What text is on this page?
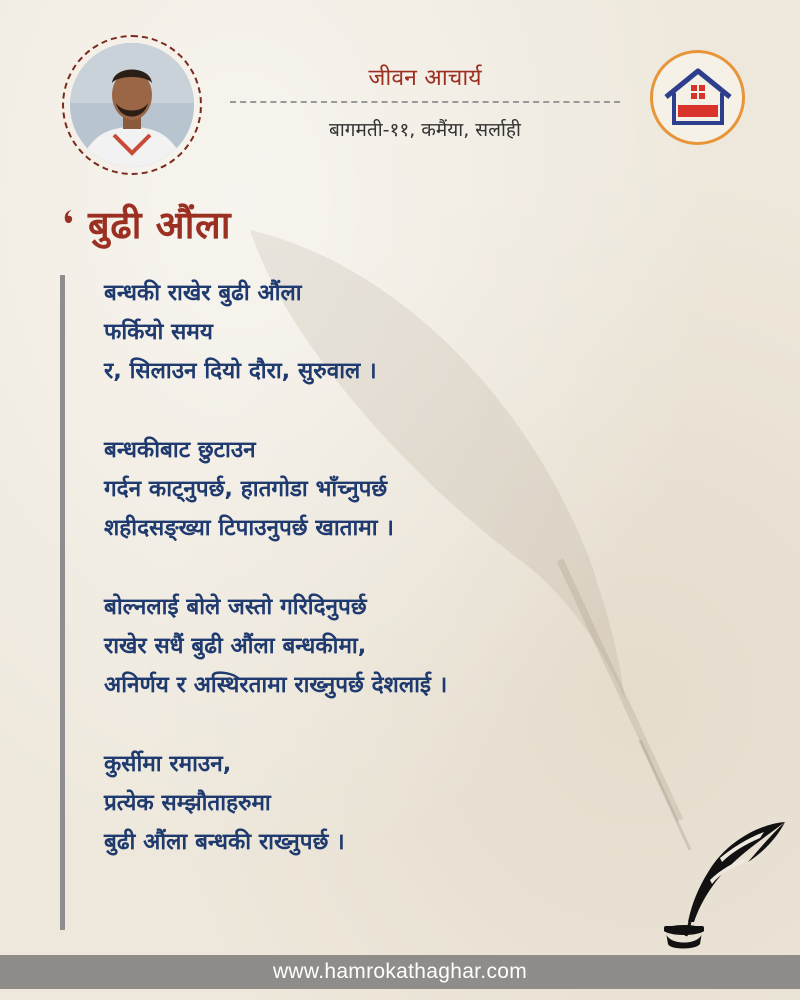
जीवन आचार्य
बागमती-११, कमैंया, सर्लाही
बुढी औंला
बन्धकी राखेर बुढी औंला
फर्कियो समय
र, सिलाउन दियो दौरा, सुरुवाल ।
बन्धकीबाट छुटाउन
गर्दन काट्नुपर्छ, हातगोडा भाँच्नुपर्छ
शहीदसङ्ख्या टिपाउनुपर्छ खातामा ।
बोल्नलाई बोले जस्तो गरिदिनुपर्छ
राखेर सधैं बुढी औंला बन्धकीमा,
अनिर्णय र अस्थिरतामा राख्नुपर्छ देशलाई ।
कुर्सीमा रमाउन,
प्रत्येक सम्झौताहरुमा
बुढी औंला बन्धकी राख्नुपर्छ ।
www.hamrokathaghar.com
